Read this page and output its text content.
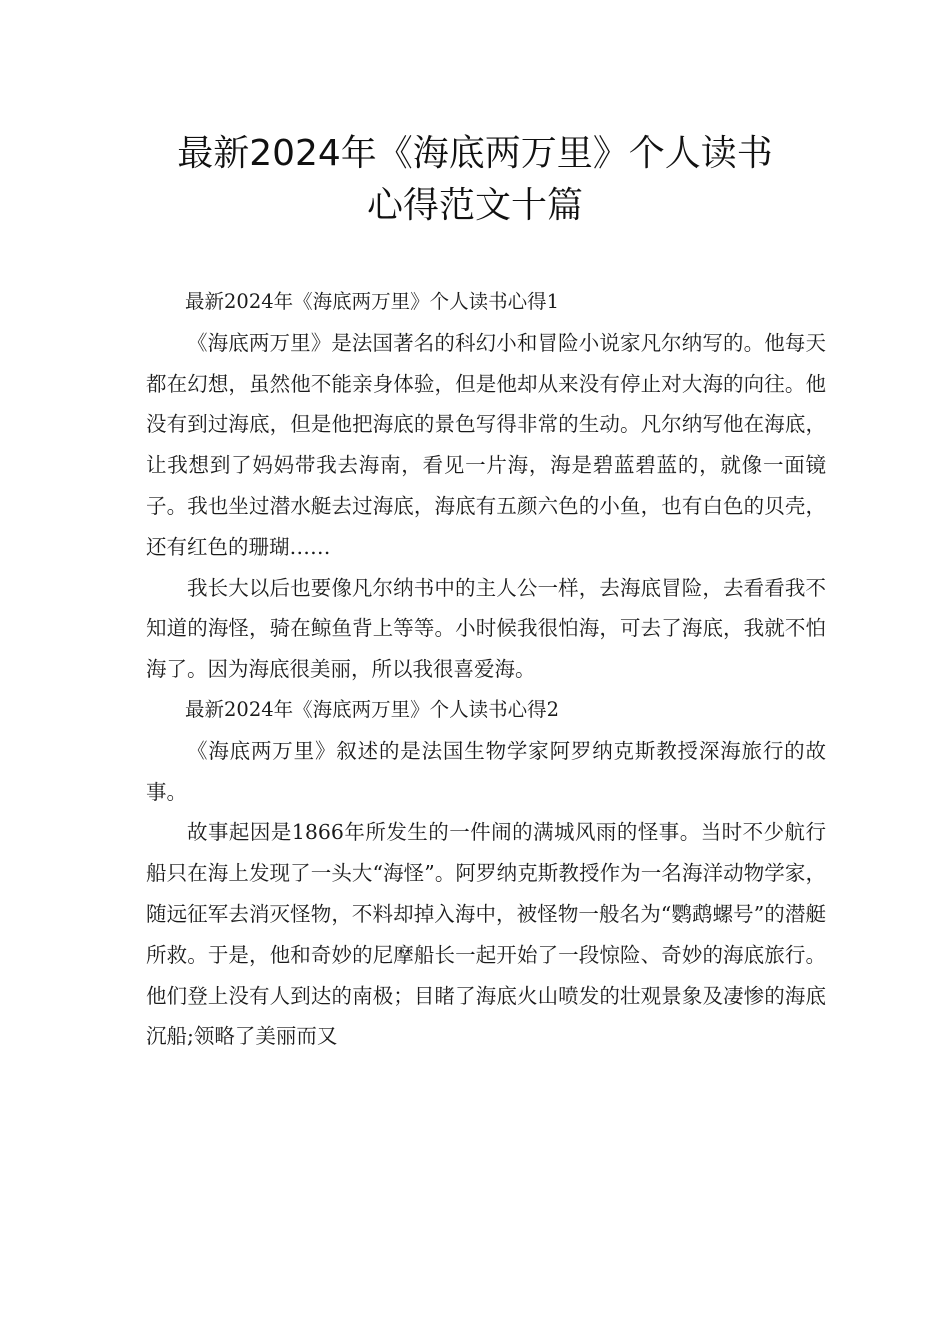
最新2024年《海底两万里》个人读书
心得范文十篇

最新2024年《海底两万里》个人读书心得1

《海底两万里》是法国著名的科幻小和冒险小说家凡尔纳写的。他每天都在幻想，虽然他不能亲身体验，但是他却从来没有停止对大海的向往。他没有到过海底，但是他把海底的景色写得非常的生动。凡尔纳写他在海底，让我想到了妈妈带我去海南，看见一片海，海是碧蓝碧蓝的，就像一面镜子。我也坐过潜水艇去过海底，海底有五颜六色的小鱼，也有白色的贝壳，还有红色的珊瑚……

我长大以后也要像凡尔纳书中的主人公一样，去海底冒险，去看看我不知道的海怪，骑在鲸鱼背上等等。小时候我很怕海，可去了海底，我就不怕海了。因为海底很美丽，所以我很喜爱海。

最新2024年《海底两万里》个人读书心得2

《海底两万里》叙述的是法国生物学家阿罗纳克斯教授深海旅行的故事。

故事起因是1866年所发生的一件闹的满城风雨的怪事。当时不少航行船只在海上发现了一头大“海怪”。阿罗纳克斯教授作为一名海洋动物学家，随远征军去消灭怪物，不料却掉入海中，被怪物一般名为“鹦鹉螺号”的潜艇所救。于是，他和奇妙的尼摩船长一起开始了一段惊险、奇妙的海底旅行。他们登上没有人到达的南极；目睹了海底火山喷发的壮观景象及凄惨的海底沉船;领略了美丽而又
